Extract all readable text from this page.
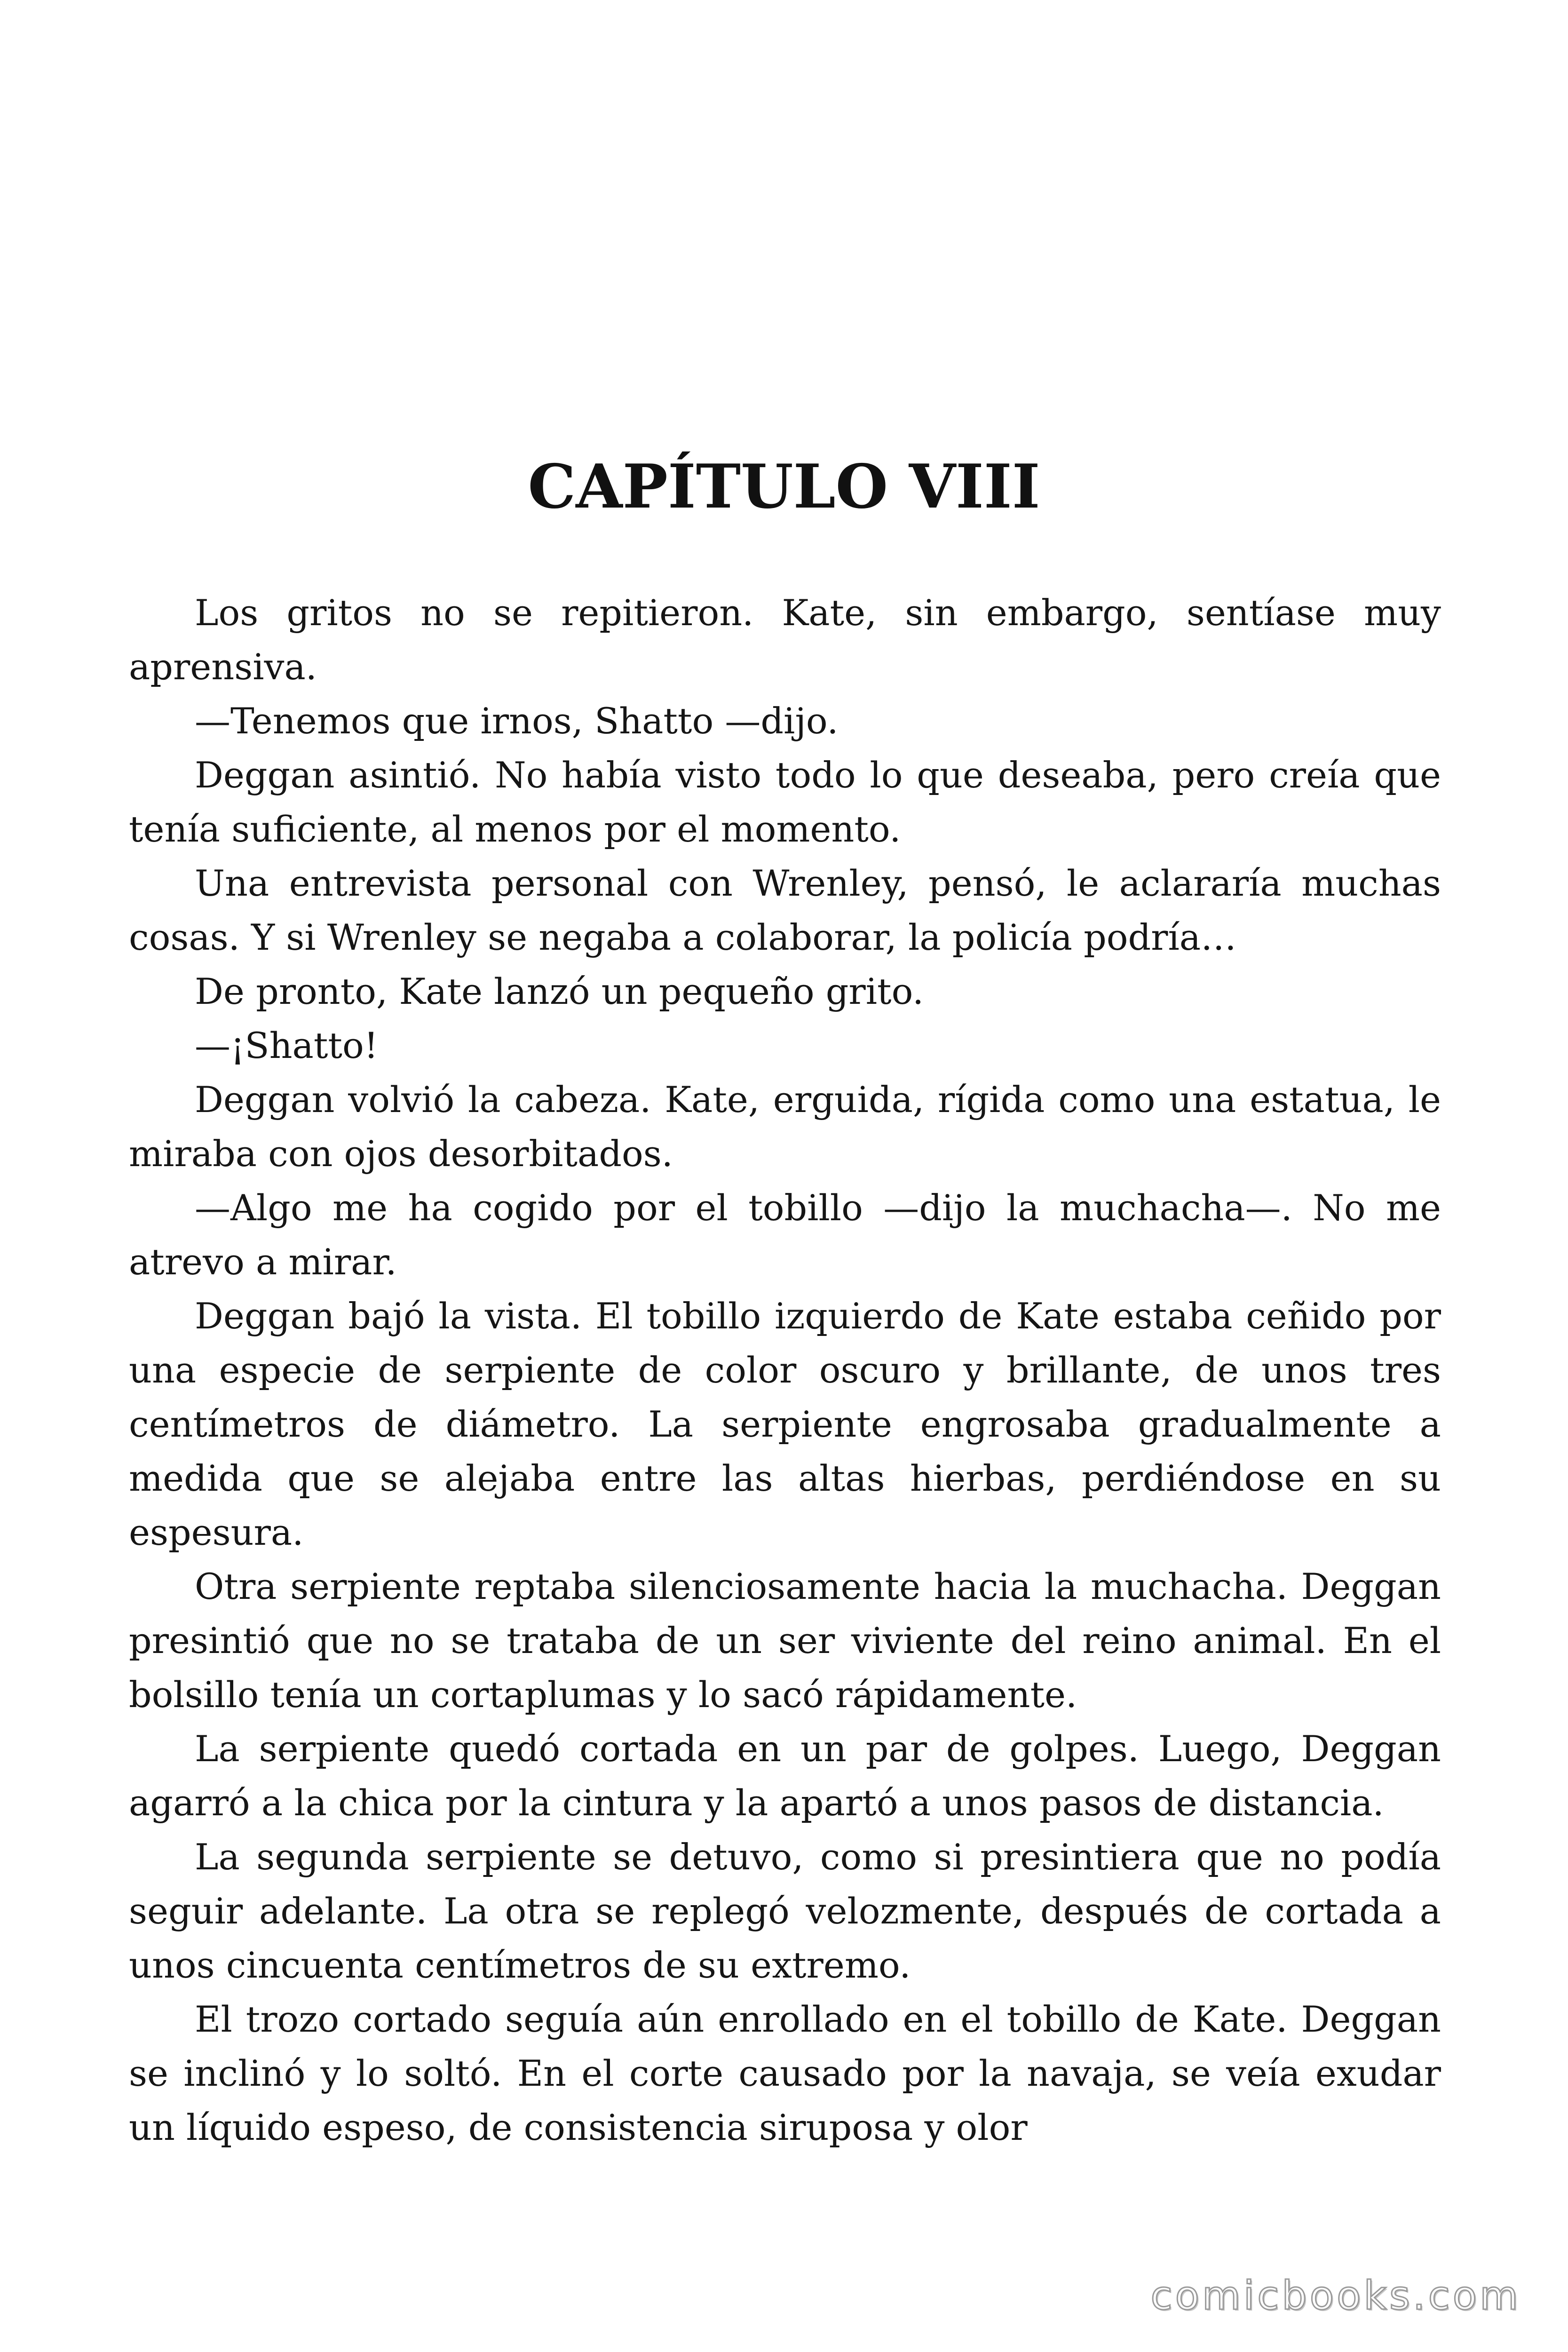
CAPÍTULO VIII

Los gritos no se repitieron. Kate, sin embargo, sentíase muy aprensiva.

—Tenemos que irnos, Shatto —dijo.

Deggan asintió. No había visto todo lo que deseaba, pero creía que tenía suficiente, al menos por el momento.

Una entrevista personal con Wrenley, pensó, le aclararía muchas cosas. Y si Wrenley se negaba a colaborar, la policía podría…

De pronto, Kate lanzó un pequeño grito.

—¡Shatto!

Deggan volvió la cabeza. Kate, erguida, rígida como una estatua, le miraba con ojos desorbitados.

—Algo me ha cogido por el tobillo —dijo la muchacha—. No me atrevo a mirar.

Deggan bajó la vista. El tobillo izquierdo de Kate estaba ceñido por una especie de serpiente de color oscuro y brillante, de unos tres centímetros de diámetro. La serpiente engrosaba gradualmente a medida que se alejaba entre las altas hierbas, perdiéndose en su espesura.

Otra serpiente reptaba silenciosamente hacia la muchacha. Deggan presintió que no se trataba de un ser viviente del reino animal. En el bolsillo tenía un cortaplumas y lo sacó rápidamente.

La serpiente quedó cortada en un par de golpes. Luego, Deggan agarró a la chica por la cintura y la apartó a unos pasos de distancia.

La segunda serpiente se detuvo, como si presintiera que no podía seguir adelante. La otra se replegó velozmente, después de cortada a unos cincuenta centímetros de su extremo.

El trozo cortado seguía aún enrollado en el tobillo de Kate. Deggan se inclinó y lo soltó. En el corte causado por la navaja, se veía exudar un líquido espeso, de consistencia siruposa y olor

comicbooks.com
